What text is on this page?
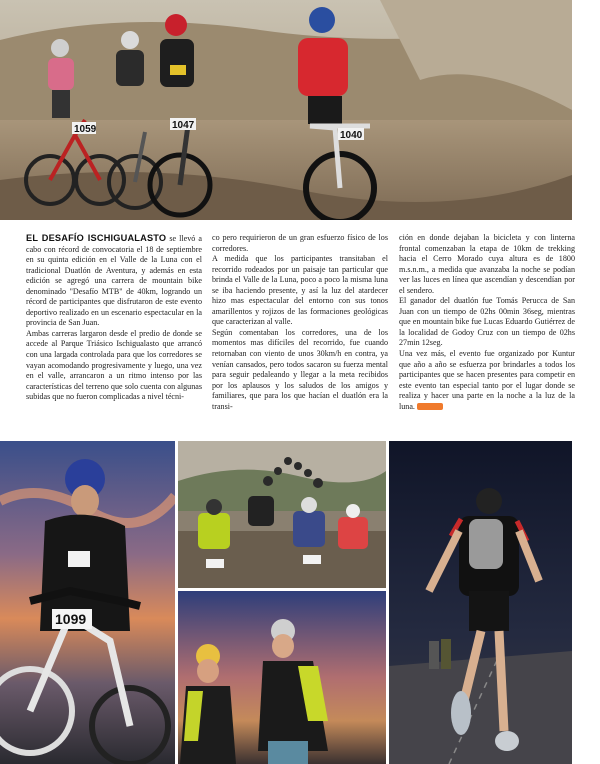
1059	1047
1040

EL DESAFÍO ISCHIGUALASTO se llevó a cabo con récord de convocatoria el 18 de septiembre en su quinta edición en el Valle de la Luna con el tradicional Duatlón de Aventura, y además en esta edición se agregó una carrera de mountain bike denominado "Desafío MTB" de 40km, logrando un récord de participantes que disfrutaron de este evento deportivo realizado en un escenario espectacular en la provincia de San Juan.

Ambas carreras largaron desde el predio de donde se accede al Parque Triásico Ischigualasto que arrancó con una largada controlada para que los corredores se vayan acomodando progresivamente y luego, una vez en el valle, arrancaron a un ritmo intenso por las características del terreno que solo cuenta con algunas subidas que no fueron complicadas a nivel técni-

co pero requirieron de un gran esfuerzo físico de los corredores.

A medida que los participantes transitaban el recorrido rodeados por un paisaje tan particular que brinda el Valle de la Luna, poco a poco la misma luna se iba haciendo presente, y así la luz del atardecer hizo mas espectacular del entorno con sus tonos amarillentos y rojizos de las formaciones geológicas que caracterizan al valle.

Según comentaban los corredores, una de los momentos mas difíciles del recorrido, fue cuando retornaban con viento de unos 30km/h en contra, ya venían cansados, pero todos sacaron su fuerza mental para seguir pedaleando y llegar a la meta recibidos por los aplausos y los saludos de los amigos y familiares, que para los que hacían el duatlón era la transi-

ción en donde dejaban la bicicleta y con linterna frontal comenzaban la etapa de 10km de trekking hacia el Cerro Morado cuya altura es de 1800 m.s.n.m., a medida que avanzaba la noche se podían ver las luces en línea que ascendían y descendían por el sendero.

El ganador del duatlón fue Tomás Perucca de San Juan con un tiempo de 02hs 00min 36seg, mientras que en mountain bike fue Lucas Eduardo Gutiérrez de la localidad de Godoy Cruz con un tiempo de 02hs 27min 12seg.

Una vez más, el evento fue organizado por Kuntur que año a año se esfuerza por brindarles a todos los participantes que se hacen presentes para competir en este evento tan especial tanto por el lugar donde se realiza y hacer una parte en la noche a la luz de la luna.

1099
